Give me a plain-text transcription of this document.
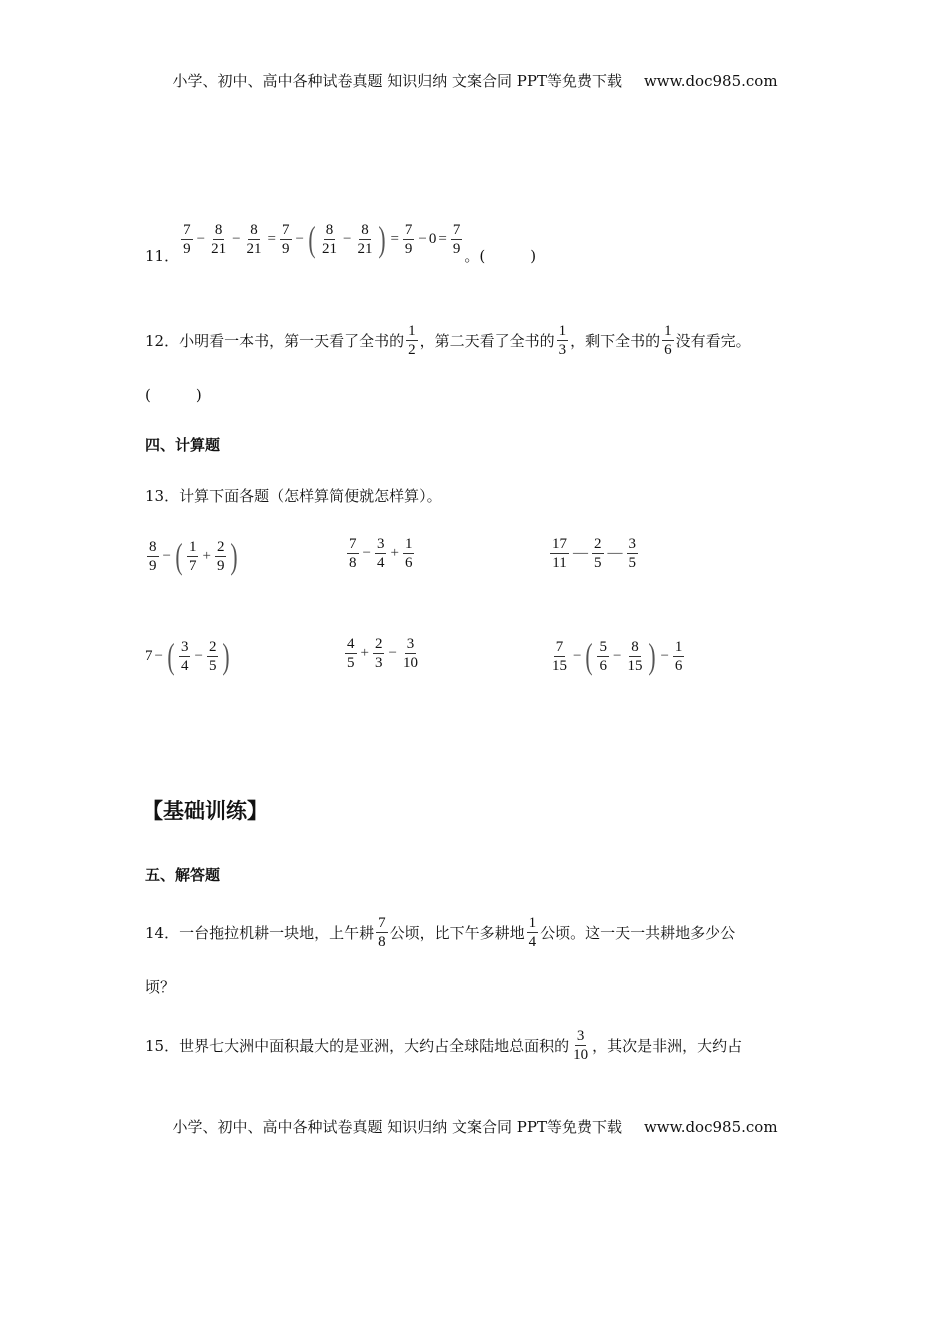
小学、初中、高中各种试卷真题 知识归纳 文案合同 PPT等免费下载 www.doc985.com
11． $\frac{7}{9} - \frac{8}{21} - \frac{8}{21} = \frac{7}{9}$ − ( $\frac{8}{21} - \frac{8}{21}$ ) = $\frac{7}{9} - 0 = \frac{7}{9}$ 。(　　　)
12． 小明看一本书，第一天看了全书的 $\frac{1}{2}$ ，第二天看了全书的 $\frac{1}{3}$ ，剩下全书的 $\frac{1}{6}$ 没有看完。
(　　　)
四、计算题
13．计算下面各题（怎样算简便就怎样算）。
$\frac{8}{9}$ − ( $\frac{1}{7} + \frac{2}{9}$ )	$\frac{7}{8} - \frac{3}{4} + \frac{1}{6}$	$\frac{17}{11}$ — $\frac{2}{5}$ — $\frac{3}{5}$
7 − ( $\frac{3}{4} - \frac{2}{5}$ )	$\frac{4}{5} + \frac{2}{3} - \frac{3}{10}$	$\frac{7}{15}$ − ( $\frac{5}{6} - \frac{8}{15}$ ) − $\frac{1}{6}$
【基础训练】
五、解答题
14．一台拖拉机耕一块地，上午耕 $\frac{7}{8}$ 公顷，比下午多耕地 $\frac{1}{4}$ 公顷。这一天一共耕地多少公
顷？
15．世界七大洲中面积最大的是亚洲，大约占全球陆地总面积的 $\frac{3}{10}$ ，其次是非洲，大约占
小学、初中、高中各种试卷真题 知识归纳 文案合同 PPT等免费下载 www.doc985.com
